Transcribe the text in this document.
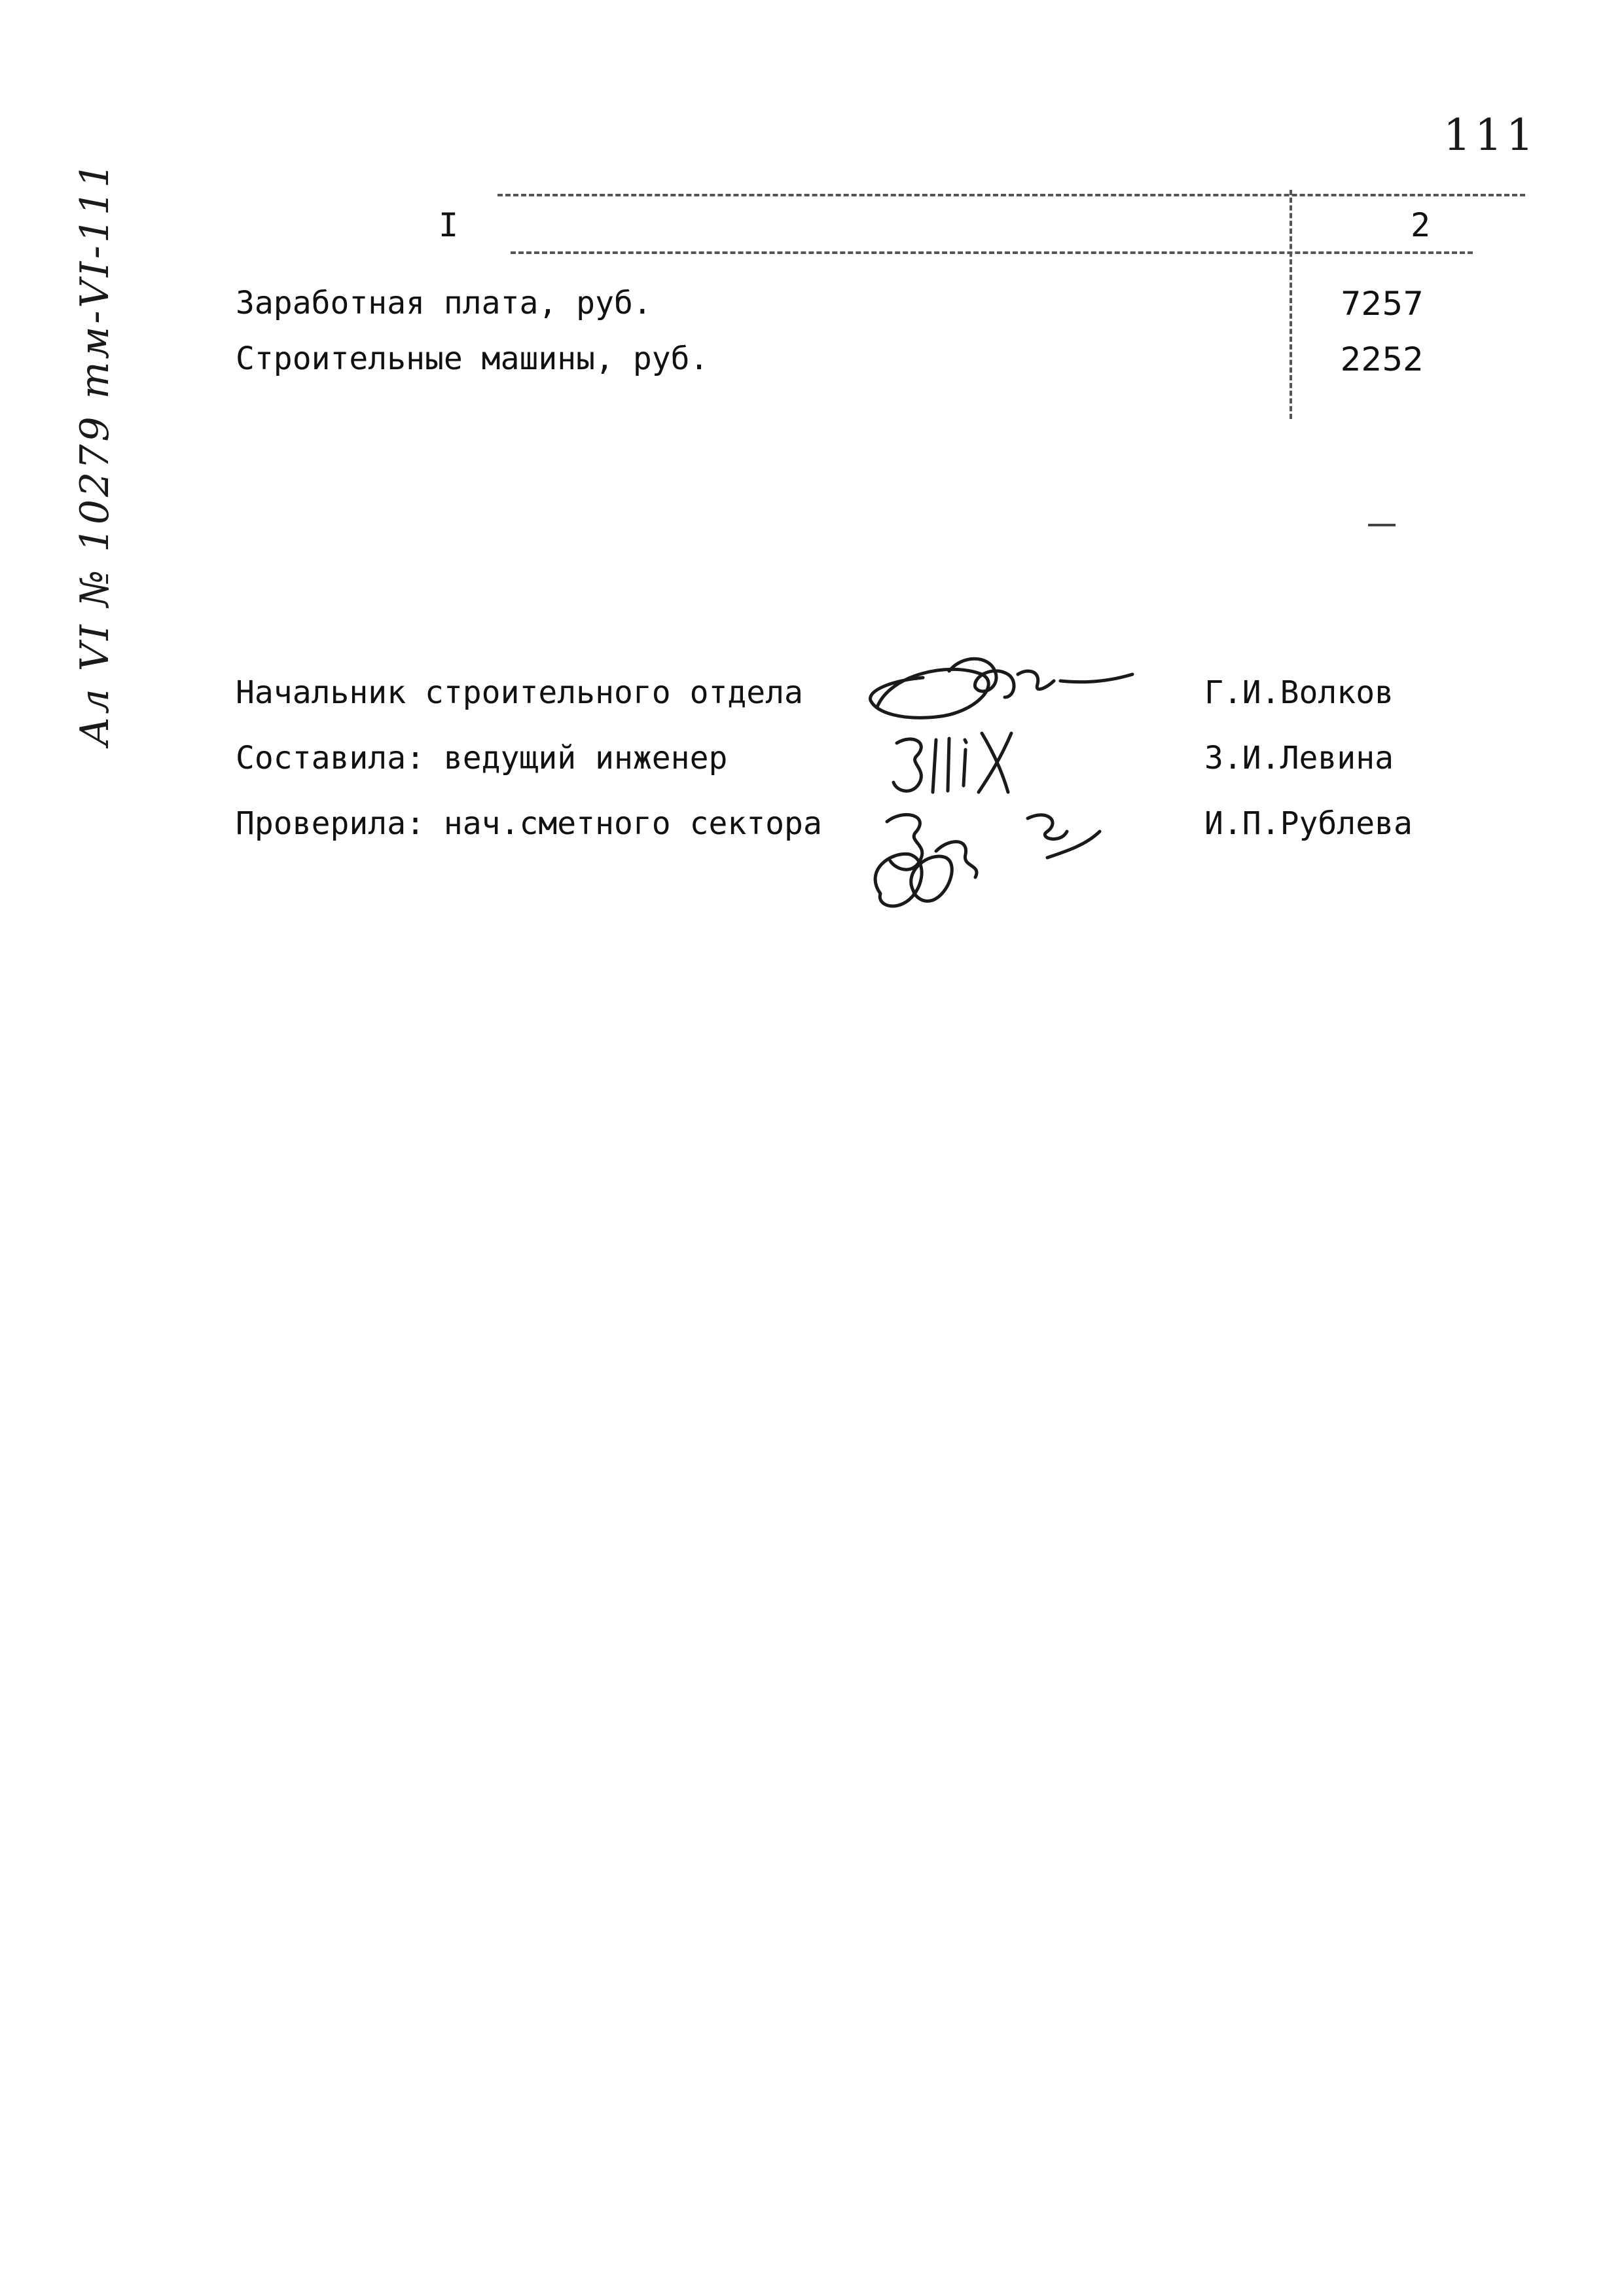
111
Ал VI № 10279 тм-VI-111	I	2
Заработная плата, руб.	7257
Строительные машины, руб.	2252
Начальник строительного отдела	Г.И.Волков
Составила: ведущий инженер	З.И.Левина
Проверила: нач.сметного сектора	И.П.Рублева
